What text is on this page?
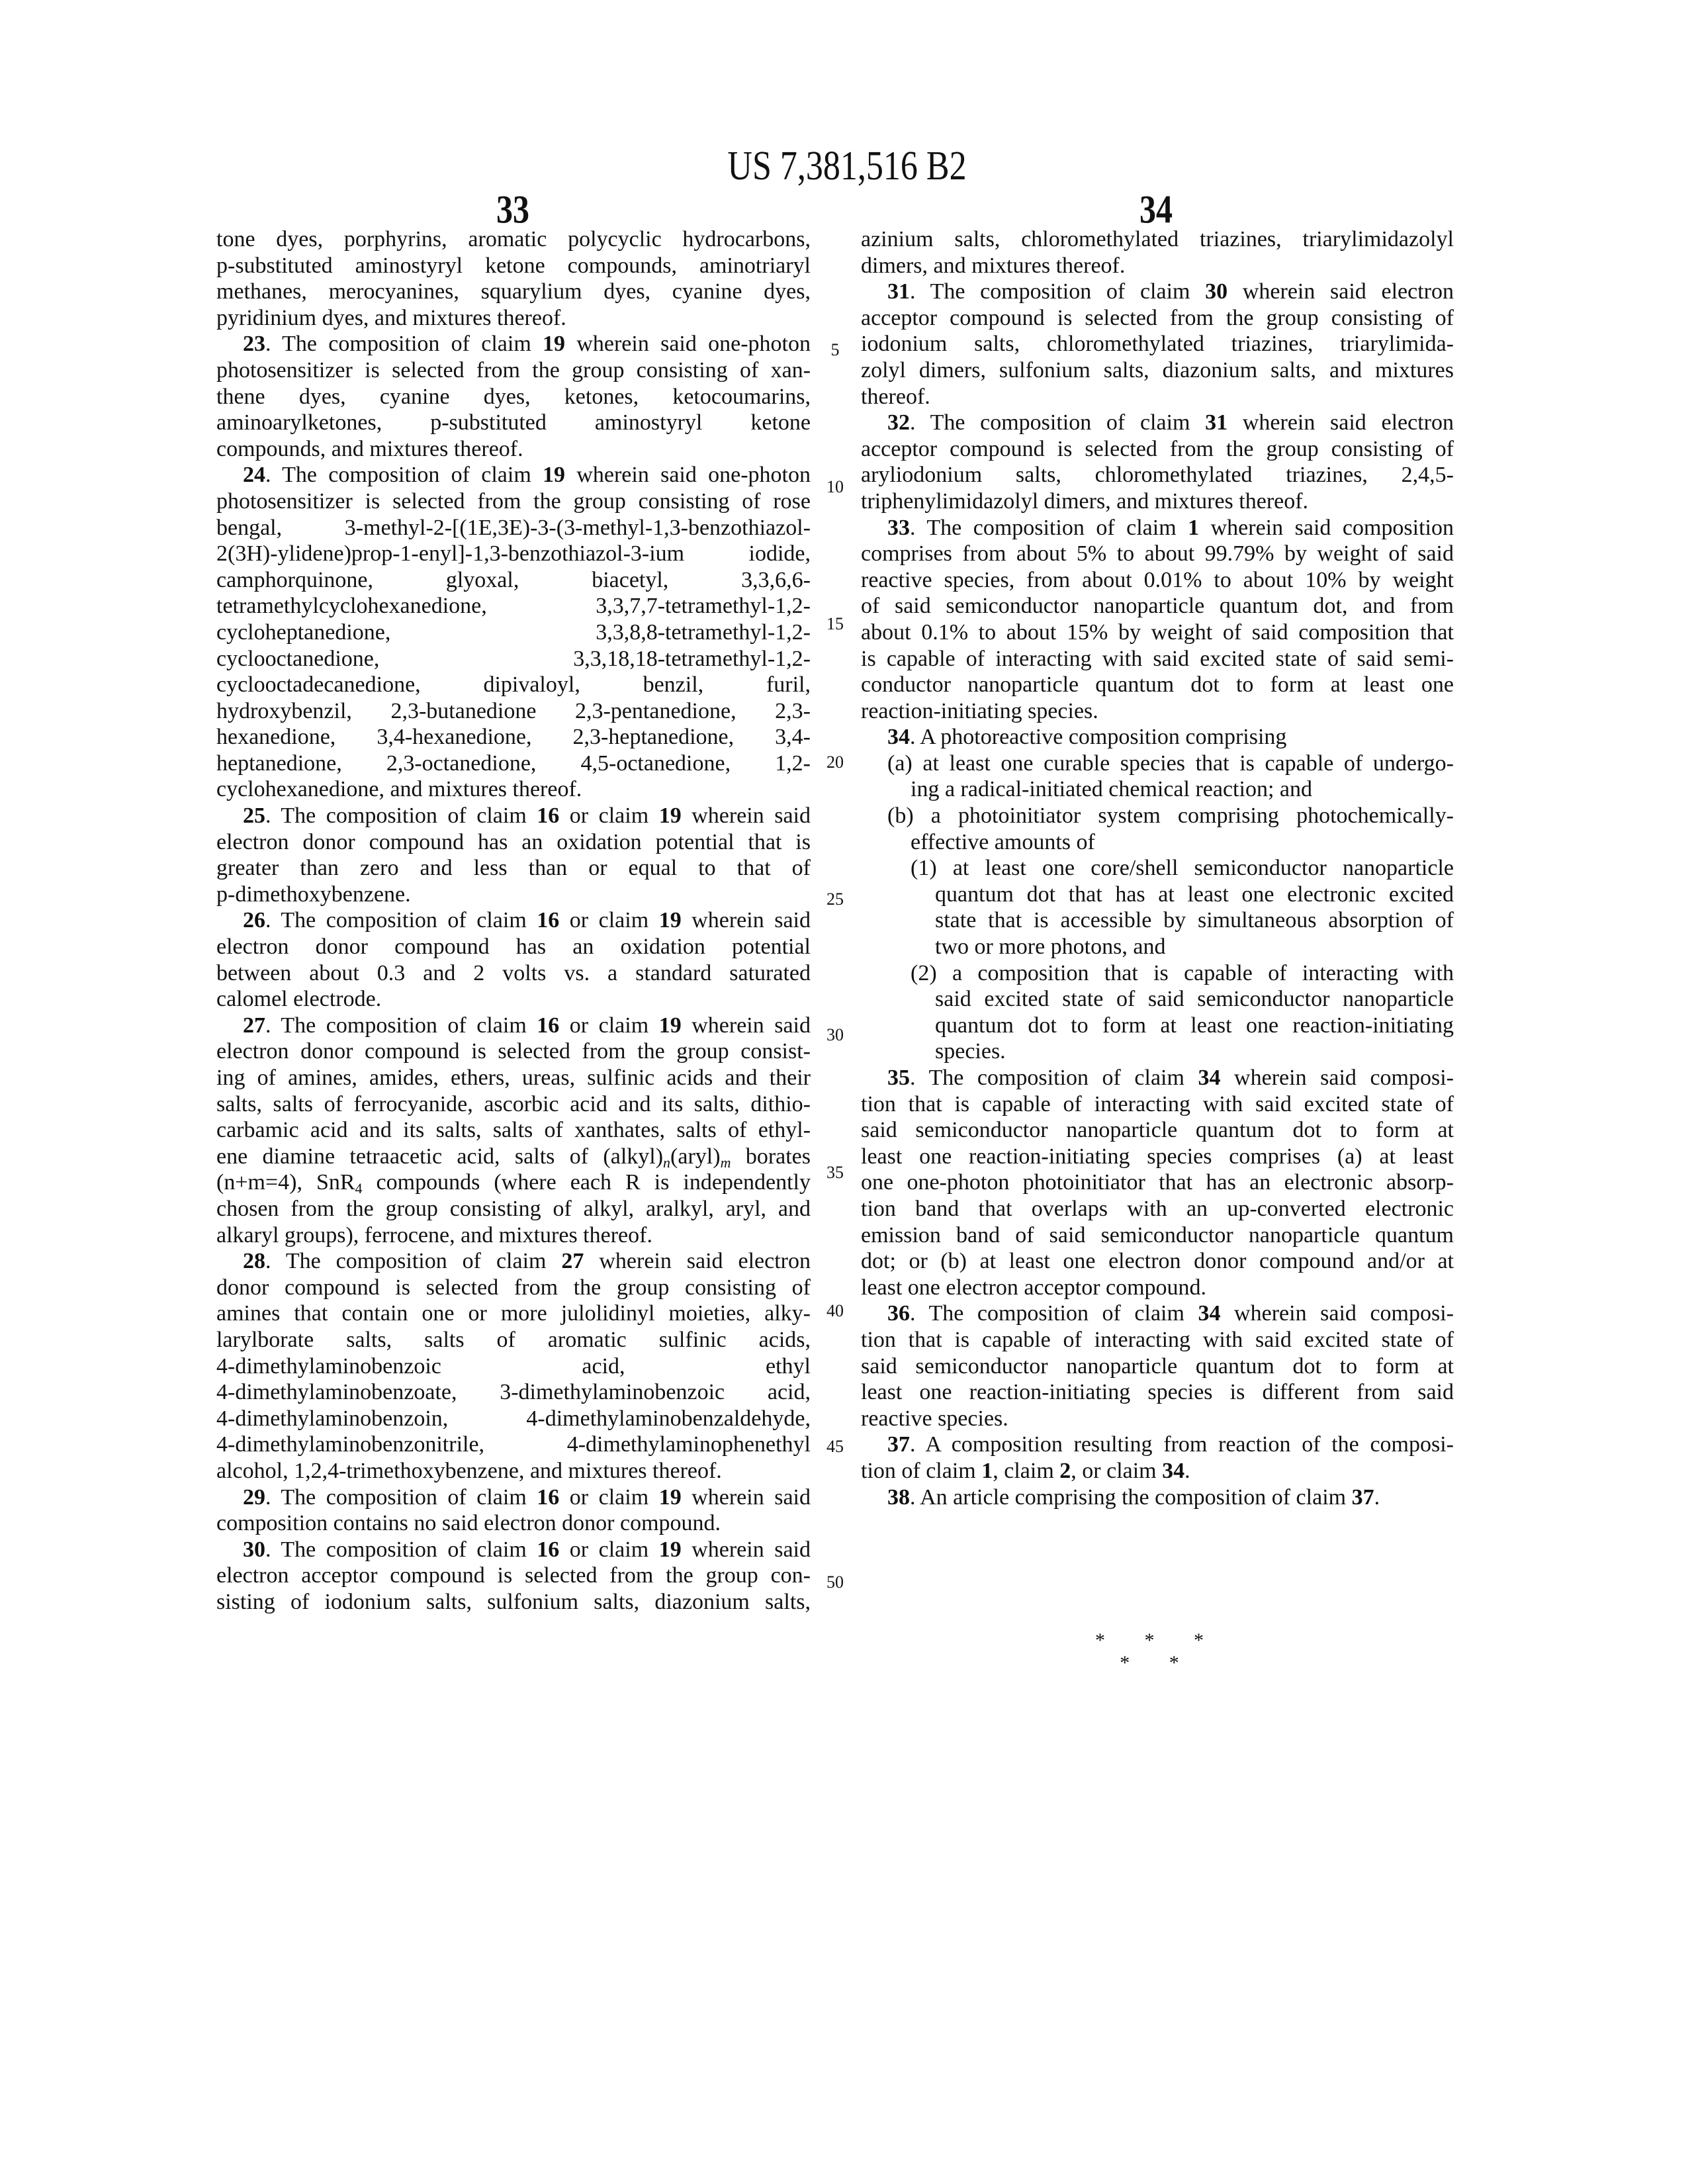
US 7,381,516 B2
33	34
tone dyes, porphyrins, aromatic polycyclic hydrocarbons,
p-substituted aminostyryl ketone compounds, aminotriaryl
methanes, merocyanines, squarylium dyes, cyanine dyes,
pyridinium dyes, and mixtures thereof.
23. The composition of claim 19 wherein said one-photon
photosensitizer is selected from the group consisting of xan-
thene dyes, cyanine dyes, ketones, ketocoumarins,
aminoarylketones, p-substituted aminostyryl ketone
compounds, and mixtures thereof.
24. The composition of claim 19 wherein said one-photon
photosensitizer is selected from the group consisting of rose
bengal, 3-methyl-2-[(1E,3E)-3-(3-methyl-1,3-benzothiazol-
2(3H)-ylidene)prop-1-enyl]-1,3-benzothiazol-3-ium iodide,
camphorquinone, glyoxal, biacetyl, 3,3,6,6-
tetramethylcyclohexanedione, 3,3,7,7-tetramethyl-1,2-
cycloheptanedione, 3,3,8,8-tetramethyl-1,2-
cyclooctanedione, 3,3,18,18-tetramethyl-1,2-
cyclooctadecanedione, dipivaloyl, benzil, furil,
hydroxybenzil, 2,3-butanedione 2,3-pentanedione, 2,3-
hexanedione, 3,4-hexanedione, 2,3-heptanedione, 3,4-
heptanedione, 2,3-octanedione, 4,5-octanedione, 1,2-
cyclohexanedione, and mixtures thereof.
25. The composition of claim 16 or claim 19 wherein said
electron donor compound has an oxidation potential that is
greater than zero and less than or equal to that of
p-dimethoxybenzene.
26. The composition of claim 16 or claim 19 wherein said
electron donor compound has an oxidation potential
between about 0.3 and 2 volts vs. a standard saturated
calomel electrode.
27. The composition of claim 16 or claim 19 wherein said
electron donor compound is selected from the group consist-
ing of amines, amides, ethers, ureas, sulfinic acids and their
salts, salts of ferrocyanide, ascorbic acid and its salts, dithio-
carbamic acid and its salts, salts of xanthates, salts of ethyl-
ene diamine tetraacetic acid, salts of (alkyl)n(aryl)m borates
(n+m=4), SnR4 compounds (where each R is independently
chosen from the group consisting of alkyl, aralkyl, aryl, and
alkaryl groups), ferrocene, and mixtures thereof.
28. The composition of claim 27 wherein said electron
donor compound is selected from the group consisting of
amines that contain one or more julolidinyl moieties, alky-
larylborate salts, salts of aromatic sulfinic acids,
4-dimethylaminobenzoic acid, ethyl
4-dimethylaminobenzoate, 3-dimethylaminobenzoic acid,
4-dimethylaminobenzoin, 4-dimethylaminobenzaldehyde,
4-dimethylaminobenzonitrile, 4-dimethylaminophenethyl
alcohol, 1,2,4-trimethoxybenzene, and mixtures thereof.
29. The composition of claim 16 or claim 19 wherein said
composition contains no said electron donor compound.
30. The composition of claim 16 or claim 19 wherein said
electron acceptor compound is selected from the group con-
sisting of iodonium salts, sulfonium salts, diazonium salts,
azinium salts, chloromethylated triazines, triarylimidazolyl
dimers, and mixtures thereof.
31. The composition of claim 30 wherein said electron
acceptor compound is selected from the group consisting of
iodonium salts, chloromethylated triazines, triarylimida-
zolyl dimers, sulfonium salts, diazonium salts, and mixtures
thereof.
32. The composition of claim 31 wherein said electron
acceptor compound is selected from the group consisting of
aryliodonium salts, chloromethylated triazines, 2,4,5-
triphenylimidazolyl dimers, and mixtures thereof.
33. The composition of claim 1 wherein said composition
comprises from about 5% to about 99.79% by weight of said
reactive species, from about 0.01% to about 10% by weight
of said semiconductor nanoparticle quantum dot, and from
about 0.1% to about 15% by weight of said composition that
is capable of interacting with said excited state of said semi-
conductor nanoparticle quantum dot to form at least one
reaction-initiating species.
34. A photoreactive composition comprising
(a) at least one curable species that is capable of undergo-
ing a radical-initiated chemical reaction; and
(b) a photoinitiator system comprising photochemically-
effective amounts of
(1) at least one core/shell semiconductor nanoparticle
quantum dot that has at least one electronic excited
state that is accessible by simultaneous absorption of
two or more photons, and
(2) a composition that is capable of interacting with
said excited state of said semiconductor nanoparticle
quantum dot to form at least one reaction-initiating
species.
35. The composition of claim 34 wherein said composi-
tion that is capable of interacting with said excited state of
said semiconductor nanoparticle quantum dot to form at
least one reaction-initiating species comprises (a) at least
one one-photon photoinitiator that has an electronic absorp-
tion band that overlaps with an up-converted electronic
emission band of said semiconductor nanoparticle quantum
dot; or (b) at least one electron donor compound and/or at
least one electron acceptor compound.
36. The composition of claim 34 wherein said composi-
tion that is capable of interacting with said excited state of
said semiconductor nanoparticle quantum dot to form at
least one reaction-initiating species is different from said
reactive species.
37. A composition resulting from reaction of the composi-
tion of claim 1, claim 2, or claim 34.
38. An article comprising the composition of claim 37.
5
10
15
20
25
30
35
40
45
50
* * * * *
